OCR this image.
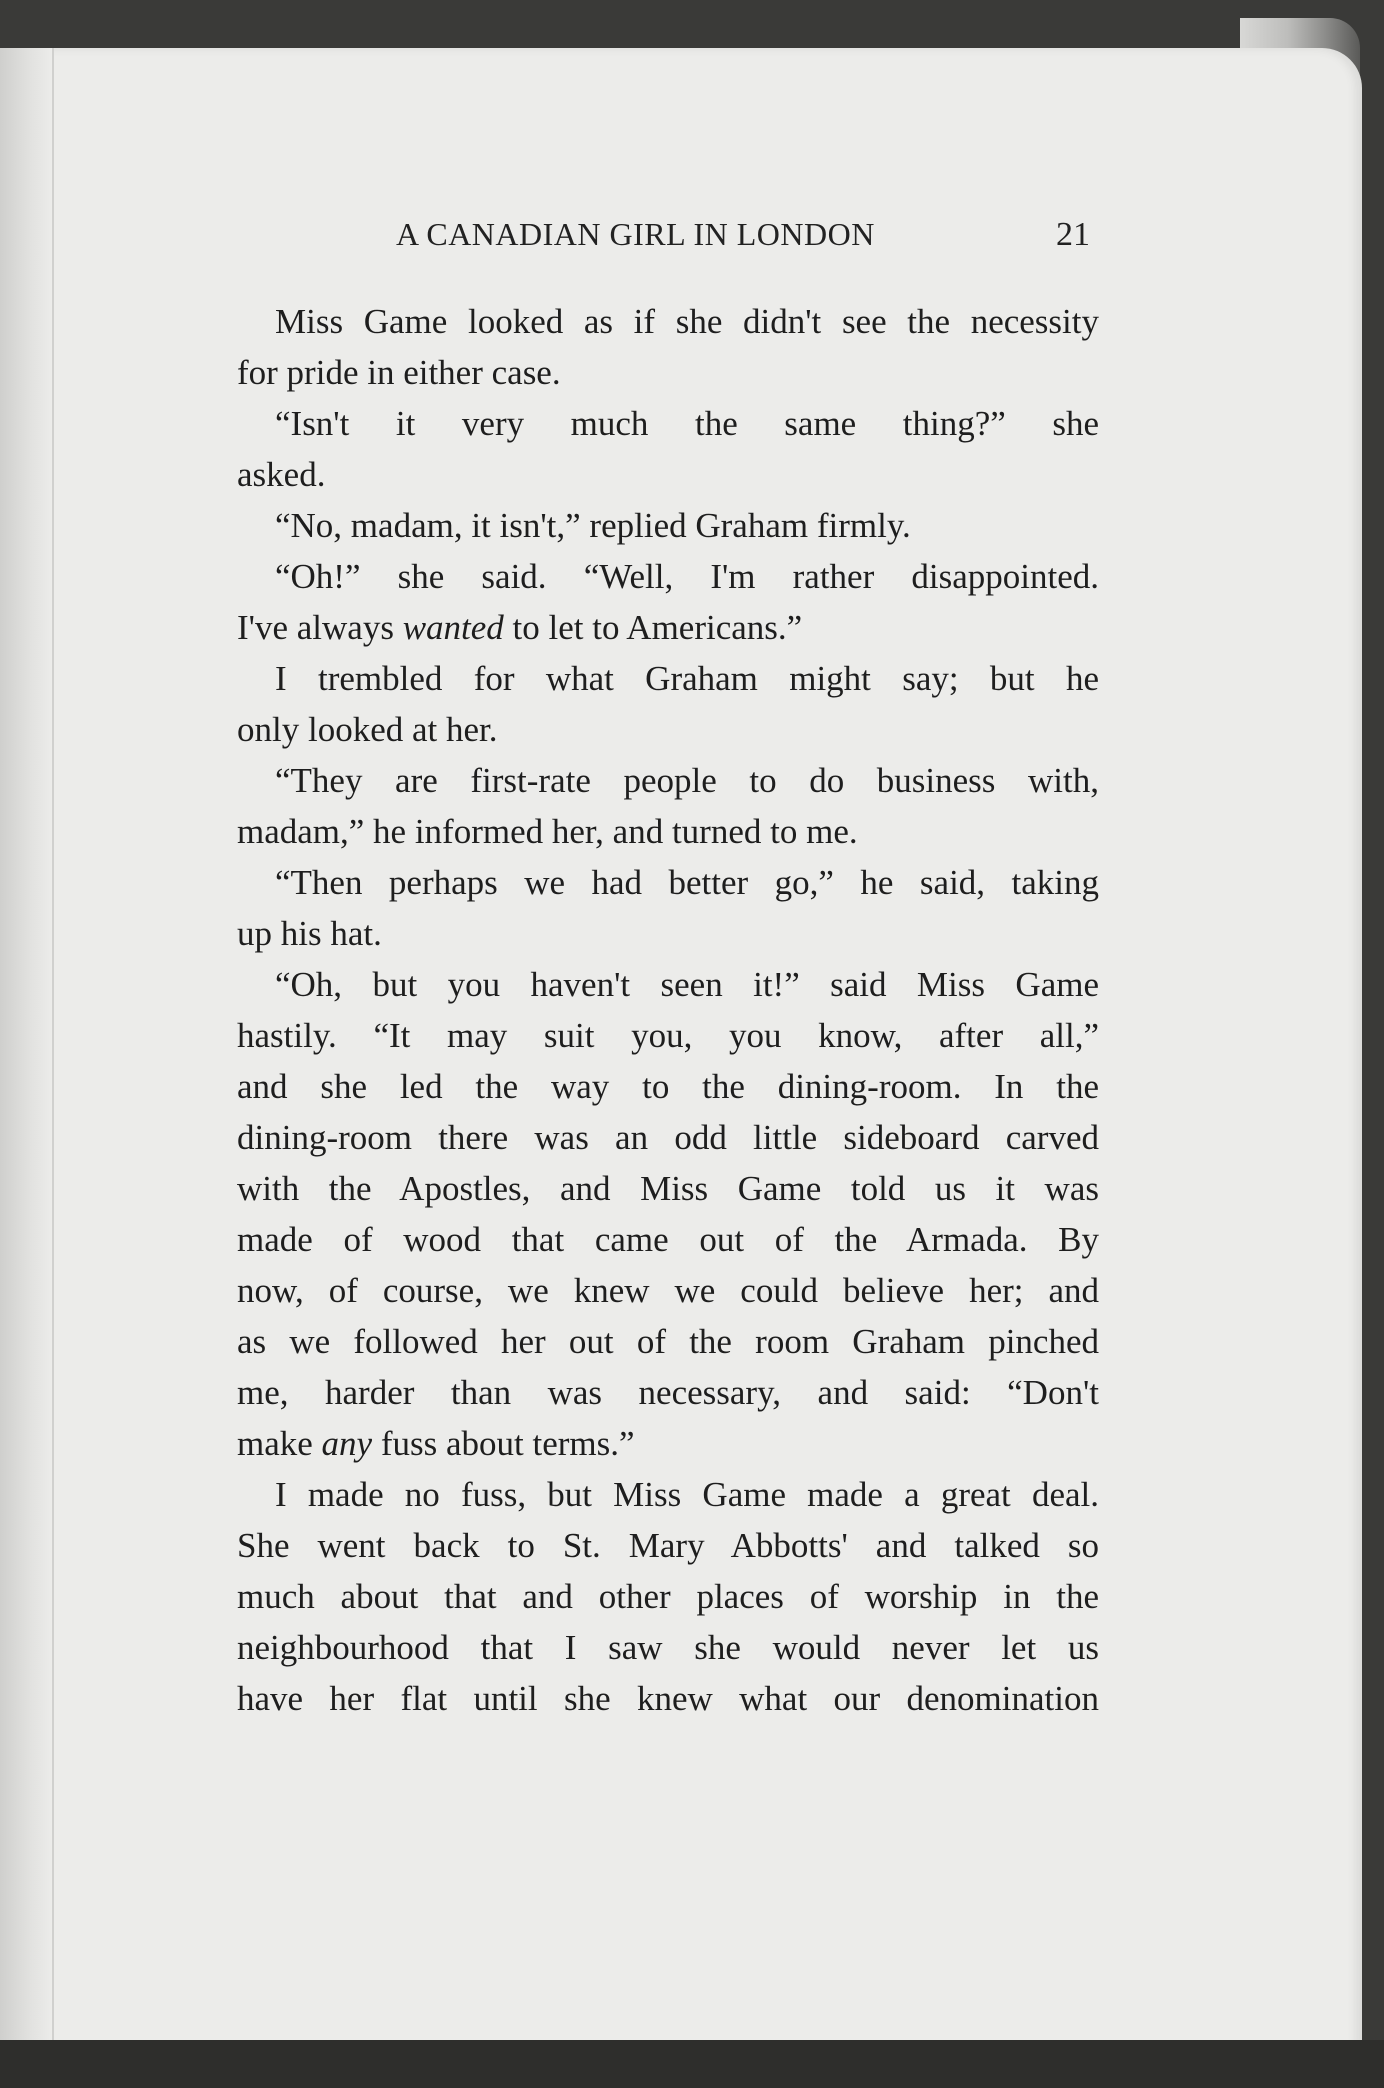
A CANADIAN GIRL IN LONDON	21
Miss Game looked as if she didn't see the necessity
for pride in either case.
“Isn't it very much the same thing?” she
asked.
“No, madam, it isn't,” replied Graham firmly.
“Oh!” she said. “Well, I'm rather disappointed.
I've always wanted to let to Americans.”
I trembled for what Graham might say; but he
only looked at her.
“They are first-rate people to do business with,
madam,” he informed her, and turned to me.
“Then perhaps we had better go,” he said, taking
up his hat.
“Oh, but you haven't seen it!” said Miss Game
hastily. “It may suit you, you know, after all,”
and she led the way to the dining-room. In the
dining-room there was an odd little sideboard carved
with the Apostles, and Miss Game told us it was
made of wood that came out of the Armada. By
now, of course, we knew we could believe her; and
as we followed her out of the room Graham pinched
me, harder than was necessary, and said: “Don't
make any fuss about terms.”
I made no fuss, but Miss Game made a great deal.
She went back to St. Mary Abbotts' and talked so
much about that and other places of worship in the
neighbourhood that I saw she would never let us
have her flat until she knew what our denomination
